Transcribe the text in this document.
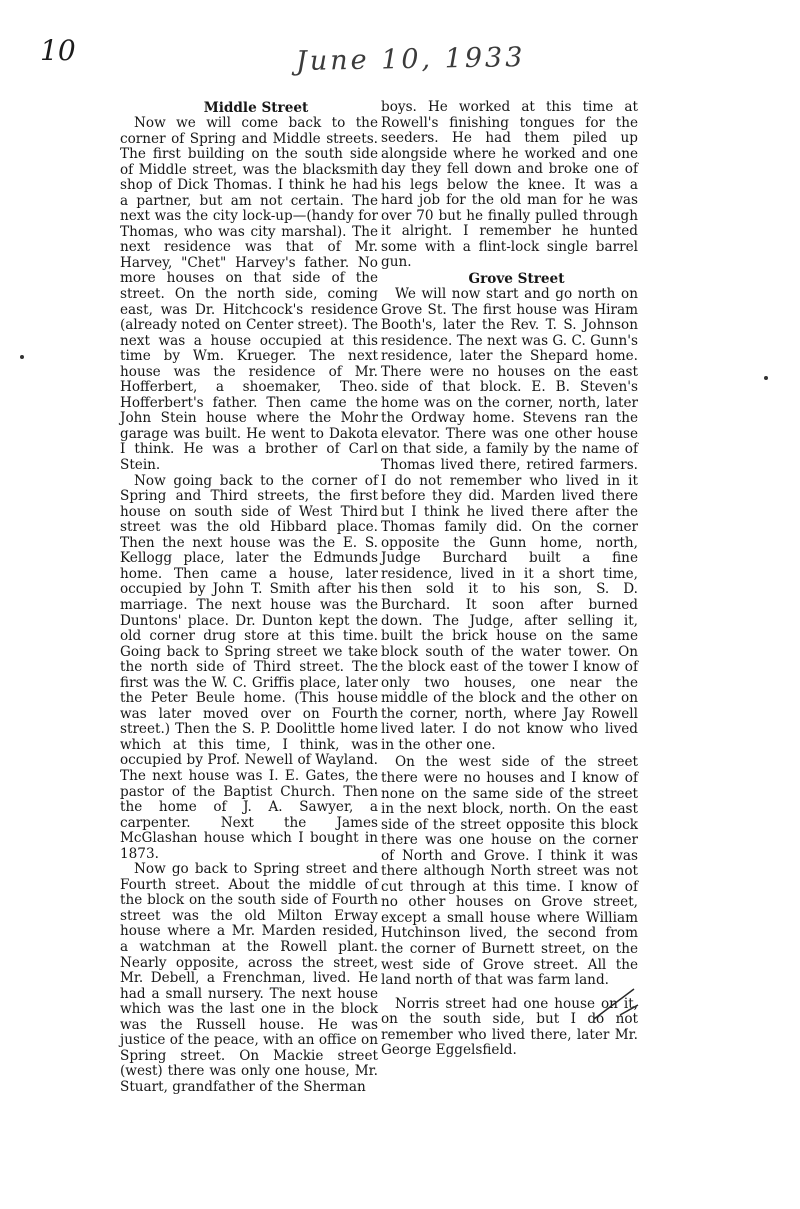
10	June 10, 1933

Middle Street

Now we will come back to the corner of Spring and Middle streets. The first building on the south side of Middle street, was the blacksmith shop of Dick Thomas. I think he had a partner, but am not certain. The next was the city lock-up—(handy for Thomas, who was city marshal). The next residence was that of Mr. Harvey, "Chet" Harvey's father. No more houses on that side of the street. On the north side, coming east, was Dr. Hitchcock's residence (already noted on Center street). The next was a house occupied at this time by Wm. Krueger. The next house was the residence of Mr. Hofferbert, a shoemaker, Theo. Hofferbert's father. Then came the John Stein house where the Mohr garage was built. He went to Dakota I think. He was a brother of Carl Stein.

Now going back to the corner of Spring and Third streets, the first house on south side of West Third street was the old Hibbard place. Then the next house was the E. S. Kellogg place, later the Edmunds home. Then came a house, later occupied by John T. Smith after his marriage. The next house was the Duntons' place. Dr. Dunton kept the old corner drug store at this time. Going back to Spring street we take the north side of Third street. The first was the W. C. Griffis place, later the Peter Beule home. (This house was later moved over on Fourth street.) Then the S. P. Doolittle home which at this time, I think, was occupied by Prof. Newell of Wayland. The next house was I. E. Gates, the pastor of the Baptist Church. Then the home of J. A. Sawyer, a carpenter. Next the James McGlashan house which I bought in 1873.

Now go back to Spring street and Fourth street. About the middle of the block on the south side of Fourth street was the old Milton Erway house where a Mr. Marden resided, a watchman at the Rowell plant. Nearly opposite, across the street, Mr. Debell, a Frenchman, lived. He had a small nursery. The next house which was the last one in the block was the Russell house. He was justice of the peace, with an office on Spring street. On Mackie street (west) there was only one house, Mr. Stuart, grandfather of the Sherman

boys. He worked at this time at Rowell's finishing tongues for the seeders. He had them piled up alongside where he worked and one day they fell down and broke one of his legs below the knee. It was a hard job for the old man for he was over 70 but he finally pulled through it alright. I remember he hunted some with a flint-lock single barrel gun.

Grove Street

We will now start and go north on Grove St. The first house was Hiram Booth's, later the Rev. T. S. Johnson residence. The next was G. C. Gunn's residence, later the Shepard home. There were no houses on the east side of that block. E. B. Steven's home was on the corner, north, later the Ordway home. Stevens ran the elevator. There was one other house on that side, a family by the name of Thomas lived there, retired farmers. I do not remember who lived in it before they did. Marden lived there but I think he lived there after the Thomas family did. On the corner opposite the Gunn home, north, Judge Burchard built a fine residence, lived in it a short time, then sold it to his son, S. D. Burchard. It soon after burned down. The Judge, after selling it, built the brick house on the same block south of the water tower. On the block east of the tower I know of only two houses, one near the middle of the block and the other on the corner, north, where Jay Rowell lived later. I do not know who lived in the other one.

On the west side of the street there were no houses and I know of none on the same side of the street in the next block, north. On the east side of the street opposite this block there was one house on the corner of North and Grove. I think it was there although North street was not cut through at this time. I know of no other houses on Grove street, except a small house where William Hutchinson lived, the second from the corner of Burnett street, on the west side of Grove street. All the land north of that was farm land.

Norris street had one house on it, on the south side, but I do not remember who lived there, later Mr. George Eggelsfield.
